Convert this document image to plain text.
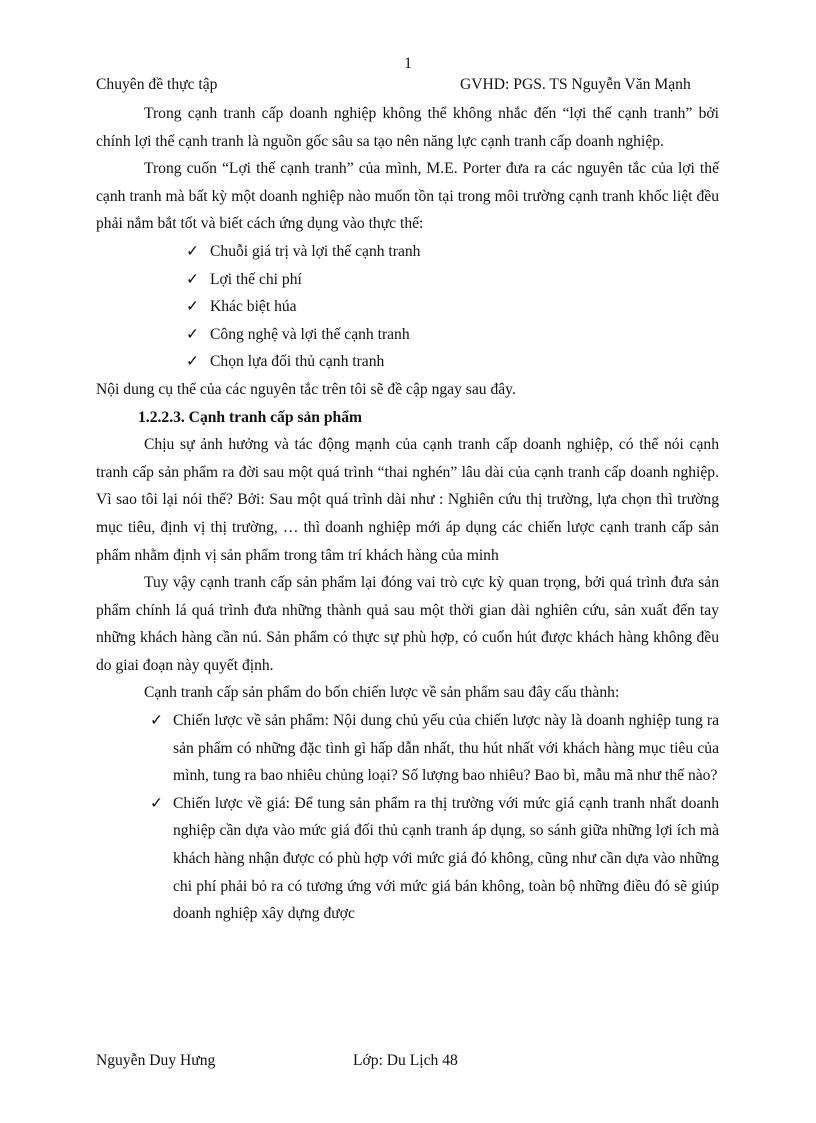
1
Chuyên đề thực tập	GVHD: PGS. TS Nguyễn Văn Mạnh

Trong cạnh tranh cấp doanh nghiệp không thể không nhắc đến “lợi thế cạnh tranh” bởi chính lợi thế cạnh tranh là nguồn gốc sâu sa tạo nên năng lực cạnh tranh cấp doanh nghiệp.

Trong cuốn “Lợi thế cạnh tranh” của mình, M.E. Porter đưa ra các nguyên tắc của lợi thế cạnh tranh mà bất kỳ một doanh nghiệp nào muốn tồn tại trong môi trường cạnh tranh khốc liệt đều phải nắm bắt tốt và biết cách ứng dụng vào thực thế:

✓ Chuỗi giá trị và lợi thế cạnh tranh
✓ Lợi thế chi phí
✓ Khác biệt húa
✓ Công nghệ và lợi thế cạnh tranh
✓ Chọn lựa đối thủ cạnh tranh

Nội dung cụ thể của các nguyên tắc trên tôi sẽ đề cập ngay sau đây.

1.2.2.3. Cạnh tranh cấp sản phẩm

Chịu sự ảnh hưởng và tác động mạnh của cạnh tranh cấp doanh nghiệp, có thể nói cạnh tranh cấp sản phẩm ra đời sau một quá trình “thai nghén” lâu dài của cạnh tranh cấp doanh nghiệp. Vì sao tôi lại nói thế? Bởi: Sau một quá trình dài như : Nghiên cứu thị trường, lựa chọn thì trường mục tiêu, định vị thị trường, … thì doanh nghiệp mới áp dụng các chiến lược cạnh tranh cấp sản phẩm nhằm định vị sản phẩm trong tâm trí khách hàng của minh

Tuy vậy cạnh tranh cấp sản phẩm lại đóng vai trò cực kỳ quan trọng, bởi quá trình đưa sản phẩm chính lá quá trình đưa những thành quả sau một thời gian dài nghiên cứu, sản xuất đến tay những khách hàng cần nú. Sản phẩm có thực sự phù hợp, có cuốn hút được khách hàng không đều do giai đoạn này quyết định.

Cạnh tranh cấp sản phẩm do bốn chiến lược về sản phẩm sau đây cấu thành:

✓ Chiến lược về sản phẩm: Nội dung chủ yếu của chiến lược này là doanh nghiệp tung ra sản phẩm có những đặc tình gì hấp dẫn nhất, thu hút nhất với khách hàng mục tiêu của mình, tung ra bao nhiêu chủng loại? Số lượng bao nhiêu? Bao bì, mẫu mã như thế nào?
✓ Chiến lược về giá: Để tung sản phẩm ra thị trường với mức giá cạnh tranh nhất doanh nghiệp cần dựa vào mức giá đối thủ cạnh tranh áp dụng, so sánh giữa những lợi ích mà khách hàng nhận được có phù hợp với mức giá đó không, cũng như cần dựa vào những chi phí phải bỏ ra có tương ứng với mức giá bán không, toàn bộ những điều đó sẽ giúp doanh nghiệp xây dựng được
Nguyễn Duy Hưng	Lớp: Du Lịch 48
